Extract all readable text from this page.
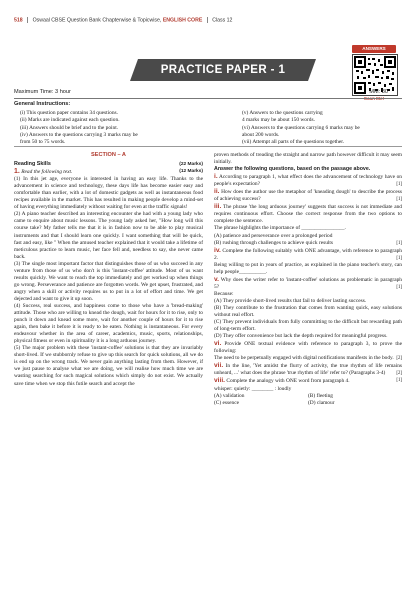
518 Oswaal CBSE Question Bank Chapterwise & Topicwise, ENGLISH CORE Class 12
PRACTICE PAPER - 1
ANSWERS
Maximum Time: 3 hour	MM: 80
General Instructions:
(i) This question paper contains 34 questions.
(ii) Marks are indicated against each question.
(iii) Answers should be brief and to the point.
(iv) Answers to the questions carrying 3 marks may be
from 50 to 75 words.
(v) Answers to the questions carrying
4 marks may be about 150 words.
(vi) Answers to the questions carrying 6 marks may be
about 200 words.
(vii) Attempt all parts of the questions together.
SECTION – A
Reading Skills	(22 Marks)
1. Read the following text.	(12 Marks)

(1) In this jet age, everyone is interested in having an easy life. Thanks to the advancement in science and technology, these days life has become easier easy and comfortable than earlier, with a lot of domestic gadgets as well as instantaneous food recipes available in the market. This has resulted in making people develop a mind-set of having everything immediately without waiting for even at the traffic signals!

(2) A piano teacher described an interesting encounter she had with a young lady who came to enquire about music lessons. The young lady asked her, "How long will this course take? My father tells me that it is in fashion now to be able to play musical instruments and that I should learn one quickly. I want something that will be quick, fast and easy, like " When the amused teacher explained that it would take a lifetime of meticulous practice to learn music, her face fell and, needless to say, she never came back.

(3) The single most important factor that distinguishes those of us who succeed in any venture from those of us who don't is this 'instant-coffee' attitude. Most of us want results quickly. We want to reach the top immediately and get worked up when things go wrong. Perseverance and patience are forgotten words. We get upset, frustrated, and angry when a skill or activity requires us to put in a lot of effort and time. We get dejected and want to give it up soon.

(4) Success, real success, and happiness come to those who have a 'bread-making' attitude. Those who are willing to knead the dough, wait for hours for it to rise, only to punch it down and knead some more, wait for another couple of hours for it to rise again, then bake it before it is ready to be eaten. Nothing is instantaneous. For every endeavour whether in the area of career, academics, music, sports, relationships, physical fitness or even in spirituality it is a long arduous journey.

(5) The major problem with these 'instant-coffee' solutions is that they are invariably short-lived. If we stubbornly refuse to give up this search for quick solutions, all we do is end up on the wrong track. We never gain anything lasting from them. However, if we just pause to analyse what we are doing, we will realise how much time we are wasting searching for such magical solutions which simply do not exist. We actually save time when we stop this futile search and accept the

proven methods of treading the straight and narrow path however difficult it may seem initially.

Answer the following questions, based on the passage above.

i. According to paragraph 1, what effect does the advancement of technology have on people's expectation?	[1]

ii. How does the author use the metaphor of 'kneading dough' to describe the process of achieving success?	[1]

iii. The phrase 'the long arduous journey' suggests that success is not immediate and requires continuous effort. Choose the correct response from the two options to complete the sentence.

The phrase highlights the importance of ________________.

(A) patience and perseverance over a prolonged period

(B) rushing through challenges to achieve quick results	[1]

iv. Complete the following suitably with ONE advantage, with reference to paragraph 2.	[1]

Being willing to put in years of practice, as explained in the piano teacher's story, can help people__________.

v. Why does the writer refer to 'instant-coffee' solutions as problematic in paragraph 5?	[1]

Because:

(A) They provide short-lived results that fail to deliver lasting success.

(B) They contribute to the frustration that comes from wanting quick, easy solutions without real effort.

(C) They prevent individuals from fully committing to the difficult but rewarding path of long-term effort.

(D) They offer convenience but lack the depth required for meaningful progress.

vi. Provide ONE textual evidence with reference to paragraph 3, to prove the following:

The need to be perpetually engaged with digital notifications manifests in the body. [2]

vii. In the line, 'Yet amidst the flurry of activity, the true rhythm of life remains unheard, ...' what does the phrase 'true rhythm of life' refer to? (Paragraphs 3-4) [2]

viii. Complete the analogy with ONE word from paragraph 4.	[1]

whisper: quietly: ________ : loudly

(A) validation	(B) fleeting
(C) essence	(D) clamour
